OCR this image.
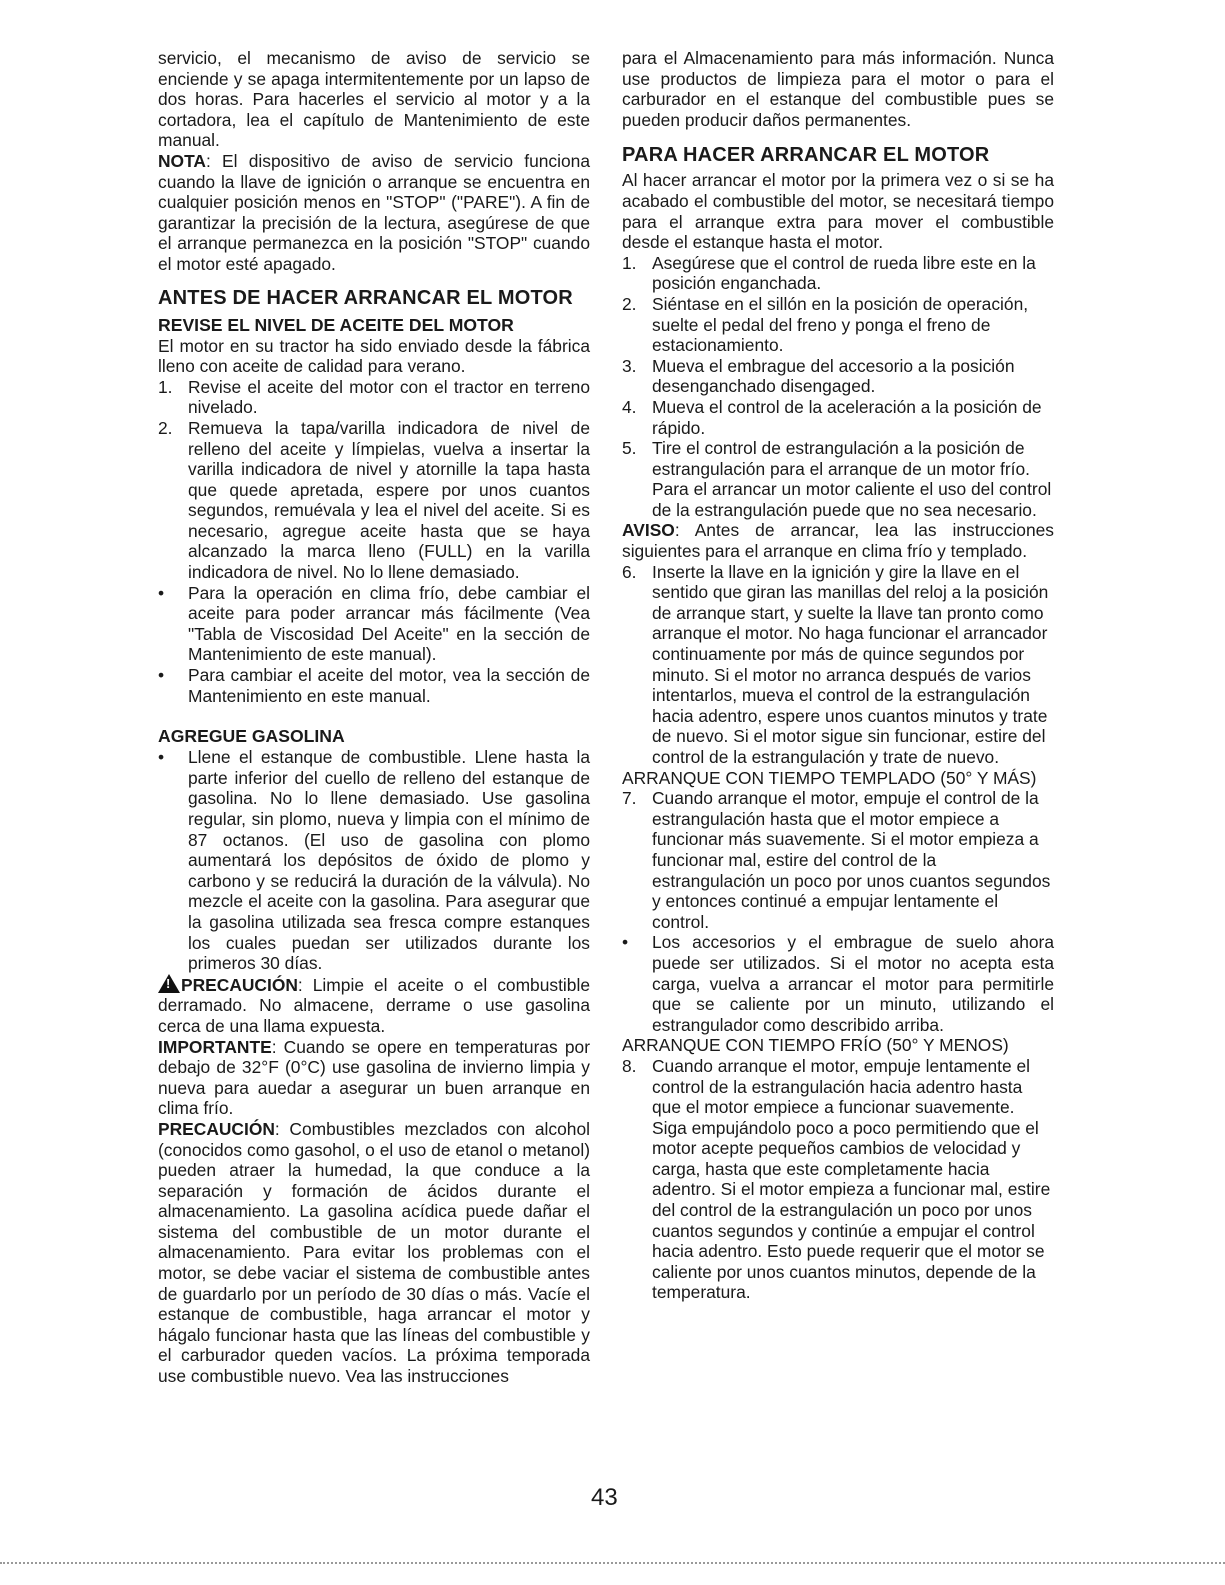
servicio, el mecanismo de aviso de servicio se enciende y se apaga intermitentemente por un lapso de dos horas. Para hacerles el servicio al motor y a la cortadora, lea el capítulo de Mantenimiento de este manual.

NOTA: El dispositivo de aviso de servicio funciona cuando la llave de ignición o arranque se encuentra en cualquier posición menos en "STOP" ("PARE"). A fin de garantizar la precisión de la lectura, asegúrese de que el arranque permanezca en la posición "STOP" cuando el motor esté apagado.

ANTES DE HACER ARRANCAR EL MOTOR
REVISE EL NIVEL DE ACEITE DEL MOTOR

El motor en su tractor ha sido enviado desde la fábrica lleno con aceite de calidad para verano.

1. Revise el aceite del motor con el tractor en terreno nivelado.
2. Remueva la tapa/varilla indicadora de nivel de relleno del aceite y límpielas, vuelva a insertar la varilla indicadora de nivel y atornille la tapa hasta que quede apretada, espere por unos cuantos segundos, remuévala y lea el nivel del aceite. Si es necesario, agregue aceite hasta que se haya alcanzado la marca lleno (FULL) en la varilla indicadora de nivel. No lo llene demasiado.
• Para la operación en clima frío, debe cambiar el aceite para poder arrancar más fácilmente (Vea "Tabla de Viscosidad Del Aceite" en la sección de Mantenimiento de este manual).
• Para cambiar el aceite del motor, vea la sección de Mantenimiento en este manual.
AGREGUE GASOLINA
• Llene el estanque de combustible. Llene hasta la parte inferior del cuello de relleno del estanque de gasolina. No lo llene demasiado. Use gasolina regular, sin plomo, nueva y limpia con el mínimo de 87 octanos. (El uso de gasolina con plomo aumentará los depósitos de óxido de plomo y carbono y se reducirá la duración de la válvula). No mezcle el aceite con la gasolina. Para asegurar que la gasolina utilizada sea fresca compre estanques los cuales puedan ser utilizados durante los primeros 30 días.

!PRECAUCIÓN: Limpie el aceite o el combustible derramado. No almacene, derrame o use gasolina cerca de una llama expuesta.

IMPORTANTE: Cuando se opere en temperaturas por debajo de 32°F (0°C) use gasolina de invierno limpia y nueva para auedar a asegurar un buen arranque en clima frío.

PRECAUCIÓN: Combustibles mezclados con alcohol (conocidos como gasohol, o el uso de etanol o metanol) pueden atraer la humedad, la que conduce a la separación y formación de ácidos durante el almacenamiento. La gasolina acídica puede dañar el sistema del combustible de un motor durante el almacenamiento. Para evitar los problemas con el motor, se debe vaciar el sistema de combustible antes de guardarlo por un período de 30 días o más. Vacíe el estanque de combustible, haga arrancar el motor y hágalo funcionar hasta que las líneas del combustible y el carburador queden vacíos. La próxima temporada use combustible nuevo. Vea las instrucciones

para el Almacenamiento para más información. Nunca use productos de limpieza para el motor o para el carburador en el estanque del combustible pues se pueden producir daños permanentes.

PARA HACER ARRANCAR EL MOTOR

Al hacer arrancar el motor por la primera vez o si se ha acabado el combustible del motor, se necesitará tiempo para el arranque extra para mover el combustible desde el estanque hasta el motor.

1. Asegúrese que el control de rueda libre este en la posición enganchada.
2. Siéntase en el sillón en la posición de operación, suelte el pedal del freno y ponga el freno de estacionamiento.
3. Mueva el embrague del accesorio a la posición desenganchado disengaged.
4. Mueva el control de la aceleración a la posición de rápido.
5. Tire el control de estrangulación a la posición de estrangulación para el arranque de un motor frío. Para el arrancar un motor caliente el uso del control de la estrangulación puede que no sea necesario.

AVISO: Antes de arrancar, lea las instrucciones siguientes para el arranque en clima frío y templado.

6. Inserte la llave en la ignición y gire la llave en el sentido que giran las manillas del reloj a la posición de arranque start, y suelte la llave tan pronto como arranque el motor. No haga funcionar el arrancador continuamente por más de quince segundos por minuto. Si el motor no arranca después de varios intentarlos, mueva el control de la estrangulación hacia adentro, espere unos cuantos minutos y trate de nuevo. Si el motor sigue sin funcionar, estire del control de la estrangulación y trate de nuevo.

ARRANQUE CON TIEMPO TEMPLADO (50° Y MÁS)

7. Cuando arranque el motor, empuje el control de la estrangulación hasta que el motor empiece a funcionar más suavemente. Si el motor empieza a funcionar mal, estire del control de la estrangulación un poco por unos cuantos segundos y entonces continué a empujar lentamente el control.
• Los accesorios y el embrague de suelo ahora puede ser utilizados. Si el motor no acepta esta carga, vuelva a arrancar el motor para permitirle que se caliente por un minuto, utilizando el estrangulador como describido arriba.

ARRANQUE CON TIEMPO FRÍO (50° Y MENOS)

8. Cuando arranque el motor, empuje lentamente el control de la estrangulación hacia adentro hasta que el motor empiece a funcionar suavemente. Siga empujándolo poco a poco permitiendo que el motor acepte pequeños cambios de velocidad y carga, hasta que este completamente hacia adentro. Si el motor empieza a funcionar mal, estire del control de la estrangulación un poco por unos cuantos segundos y continúe a empujar el control hacia adentro. Esto puede requerir que el motor se caliente por unos cuantos minutos, depende de la temperatura.
43
